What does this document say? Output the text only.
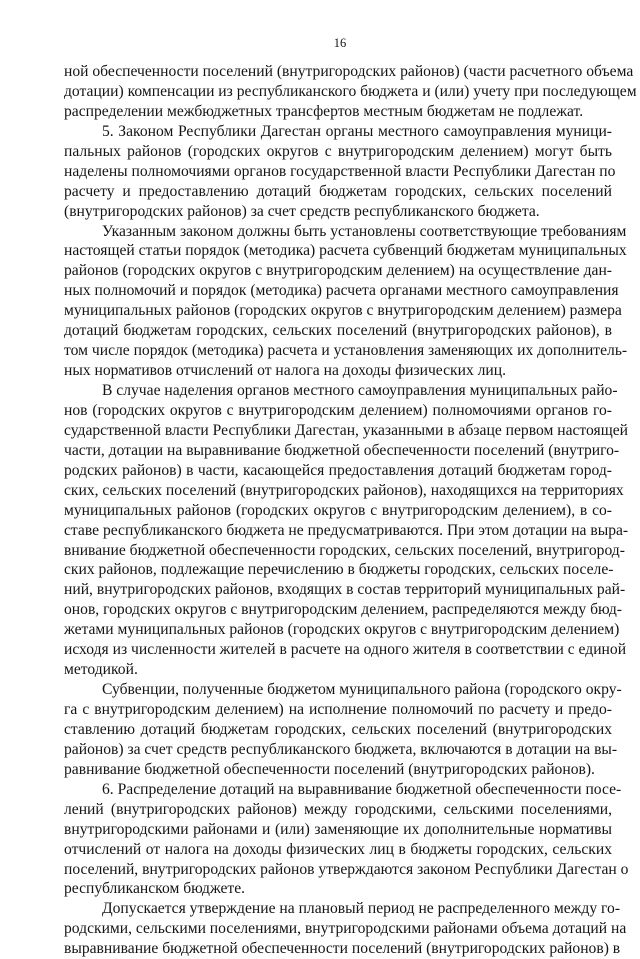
16
ной обеспеченности поселений (внутригородских районов) (части расчетного объема
дотации) компенсации из республиканского бюджета и (или) учету при последующем
распределении межбюджетных трансфертов местным бюджетам не подлежат.
5. Законом Республики Дагестан органы местного самоуправления муници-
пальных районов (городских округов с внутригородским делением) могут быть
наделены полномочиями органов государственной власти Республики Дагестан по
расчету и предоставлению дотаций бюджетам городских, сельских поселений
(внутригородских районов) за счет средств республиканского бюджета.
Указанным законом должны быть установлены соответствующие требованиям
настоящей статьи порядок (методика) расчета субвенций бюджетам муниципальных
районов (городских округов с внутригородским делением) на осуществление дан-
ных полномочий и порядок (методика) расчета органами местного самоуправления
муниципальных районов (городских округов с внутригородским делением) размера
дотаций бюджетам городских, сельских поселений (внутригородских районов), в
том числе порядок (методика) расчета и установления заменяющих их дополнитель-
ных нормативов отчислений от налога на доходы физических лиц.
В случае наделения органов местного самоуправления муниципальных райо-
нов (городских округов с внутригородским делением) полномочиями органов го-
сударственной власти Республики Дагестан, указанными в абзаце первом настоящей
части, дотации на выравнивание бюджетной обеспеченности поселений (внутриго-
родских районов) в части, касающейся предоставления дотаций бюджетам город-
ских, сельских поселений (внутригородских районов), находящихся на территориях
муниципальных районов (городских округов с внутригородским делением), в со-
ставе республиканского бюджета не предусматриваются. При этом дотации на выра-
внивание бюджетной обеспеченности городских, сельских поселений, внутригород-
ских районов, подлежащие перечислению в бюджеты городских, сельских поселе-
ний, внутригородских районов, входящих в состав территорий муниципальных рай-
онов, городских округов с внутригородским делением, распределяются между бюд-
жетами муниципальных районов (городских округов с внутригородским делением)
исходя из численности жителей в расчете на одного жителя в соответствии с единой
методикой.
Субвенции, полученные бюджетом муниципального района (городского окру-
га с внутригородским делением) на исполнение полномочий по расчету и предо-
ставлению дотаций бюджетам городских, сельских поселений (внутригородских
районов) за счет средств республиканского бюджета, включаются в дотации на вы-
равнивание бюджетной обеспеченности поселений (внутригородских районов).
6. Распределение дотаций на выравнивание бюджетной обеспеченности посе-
лений (внутригородских районов) между городскими, сельскими поселениями,
внутригородскими районами и (или) заменяющие их дополнительные нормативы
отчислений от налога на доходы физических лиц в бюджеты городских, сельских
поселений, внутригородских районов утверждаются законом Республики Дагестан о
республиканском бюджете.
Допускается утверждение на плановый период не распределенного между го-
родскими, сельскими поселениями, внутригородскими районами объема дотаций на
выравнивание бюджетной обеспеченности поселений (внутригородских районов) в
